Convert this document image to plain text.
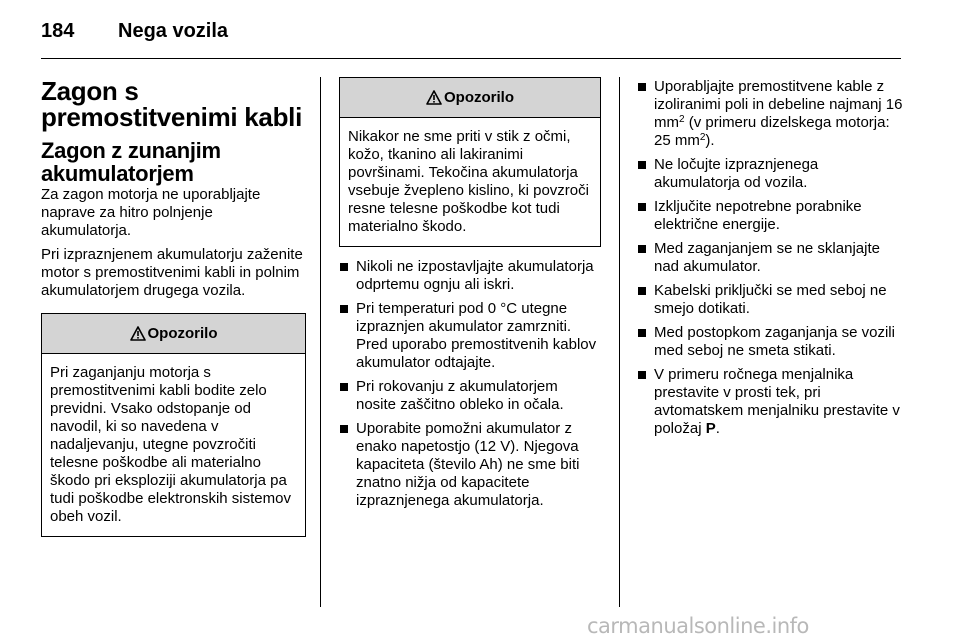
184 Nega vozila
Zagon s premostitvenimi kabli
Zagon z zunanjim akumulatorjem

Za zagon motorja ne uporabljajte naprave za hitro polnjenje akumulatorja.

Pri izpraznjenem akumulatorju zaženite motor s premostitvenimi kabli in polnim akumulatorjem drugega vozila.

Opozorilo
Pri zaganjanju motorja s premostitvenimi kabli bodite zelo previdni. Vsako odstopanje od navodil, ki so navedena v nadaljevanju, utegne povzročiti telesne poškodbe ali materialno škodo pri eksploziji akumulatorja pa tudi poškodbe elektronskih sistemov obeh vozil.
Opozorilo
Nikakor ne sme priti v stik z očmi, kožo, tkanino ali lakiranimi površinami. Tekočina akumulatorja vsebuje žvepleno kislino, ki povzroči resne telesne poškodbe kot tudi materialno škodo.
Nikoli ne izpostavljajte akumulatorja odprtemu ognju ali iskri.
Pri temperaturi pod 0 °C utegne izpraznjen akumulator zamrzniti. Pred uporabo premostitvenih kablov akumulator odtajajte.
Pri rokovanju z akumulatorjem nosite zaščitno obleko in očala.
Uporabite pomožni akumulator z enako napetostjo (12 V). Njegova kapaciteta (število Ah) ne sme biti znatno nižja od kapacitete izpraznjenega akumulatorja.
Uporabljajte premostitvene kable z izoliranimi poli in debeline najmanj 16 $mm^2$ (v primeru dizelskega motorja: 25 $mm^2$).
Ne ločujte izpraznjenega akumulatorja od vozila.
Izključite nepotrebne porabnike električne energije.
Med zaganjanjem se ne sklanjajte nad akumulator.
Kabelski priključki se med seboj ne smejo dotikati.
Med postopkom zaganjanja se vozili med seboj ne smeta stikati.
V primeru ročnega menjalnika prestavite v prosti tek, pri avtomatskem menjalniku prestavite v položaj P.
carmanualsonline.info
